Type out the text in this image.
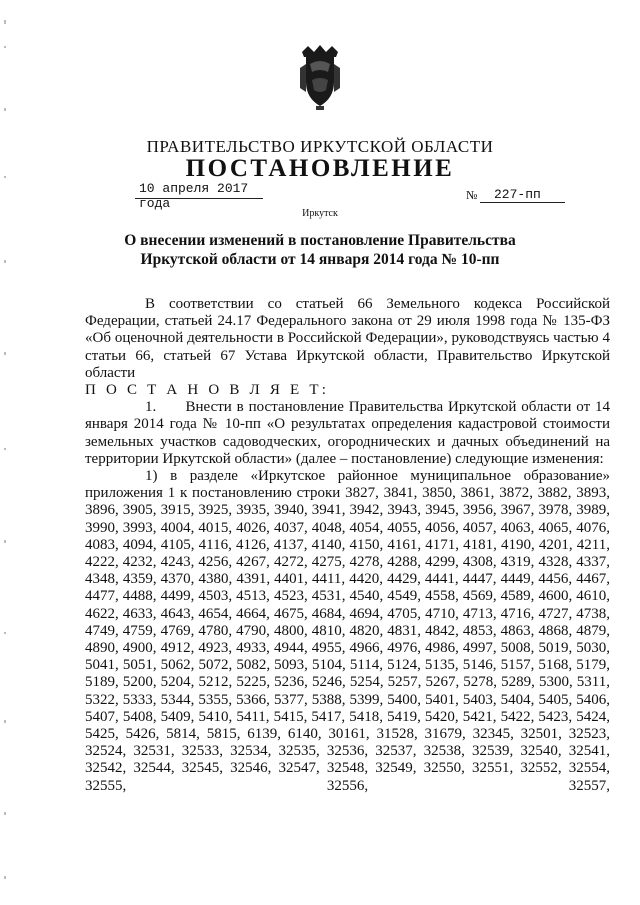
ПРАВИТЕЛЬСТВО ИРКУТСКОЙ ОБЛАСТИ
ПОСТАНОВЛЕНИЕ
10 апреля 2017 года
№	227-пп
Иркутск
О внесении изменений в постановление Правительства Иркутской области от 14 января 2014 года № 10-пп

В соответствии со статьей 66 Земельного кодекса Российской Федерации, статьей 24.17 Федерального закона от 29 июля 1998 года № 135-ФЗ «Об оценочной деятельности в Российской Федерации», руководствуясь частью 4 статьи 66, статьей 67 Устава Иркутской области, Правительство Иркутской области

П О С Т А Н О В Л Я Е Т:

1.      Внести в постановление Правительства Иркутской области от 14 января 2014 года № 10-пп «О результатах определения кадастровой стоимости земельных участков садоводческих, огороднических и дачных объединений на территории Иркутской области» (далее – постановление) следующие изменения:

1) в разделе «Иркутское районное муниципальное образование» приложения 1 к постановлению строки 3827, 3841, 3850, 3861, 3872, 3882, 3893, 3896, 3905, 3915, 3925, 3935, 3940, 3941, 3942, 3943, 3945, 3956, 3967, 3978, 3989, 3990, 3993, 4004, 4015, 4026, 4037, 4048, 4054, 4055, 4056, 4057, 4063, 4065, 4076, 4083, 4094, 4105, 4116, 4126, 4137, 4140, 4150, 4161, 4171, 4181, 4190, 4201, 4211, 4222, 4232, 4243, 4256, 4267, 4272, 4275, 4278, 4288, 4299, 4308, 4319, 4328, 4337, 4348, 4359, 4370, 4380, 4391, 4401, 4411, 4420, 4429, 4441, 4447, 4449, 4456, 4467, 4477, 4488, 4499, 4503, 4513, 4523, 4531, 4540, 4549, 4558, 4569, 4589, 4600, 4610, 4622, 4633, 4643, 4654, 4664, 4675, 4684, 4694, 4705, 4710, 4713, 4716, 4727, 4738, 4749, 4759, 4769, 4780, 4790, 4800, 4810, 4820, 4831, 4842, 4853, 4863, 4868, 4879, 4890, 4900, 4912, 4923, 4933, 4944, 4955, 4966, 4976, 4986, 4997, 5008, 5019, 5030, 5041, 5051, 5062, 5072, 5082, 5093, 5104, 5114, 5124, 5135, 5146, 5157, 5168, 5179, 5189, 5200, 5204, 5212, 5225, 5236, 5246, 5254, 5257, 5267, 5278, 5289, 5300, 5311, 5322, 5333, 5344, 5355, 5366, 5377, 5388, 5399, 5400, 5401, 5403, 5404, 5405, 5406, 5407, 5408, 5409, 5410, 5411, 5415, 5417, 5418, 5419, 5420, 5421, 5422, 5423, 5424, 5425, 5426, 5814, 5815, 6139, 6140, 30161, 31528, 31679, 32345, 32501, 32523, 32524, 32531, 32533, 32534, 32535, 32536, 32537, 32538, 32539, 32540, 32541, 32542, 32544, 32545, 32546, 32547, 32548, 32549, 32550, 32551, 32552, 32554, 32555, 32556, 32557,
